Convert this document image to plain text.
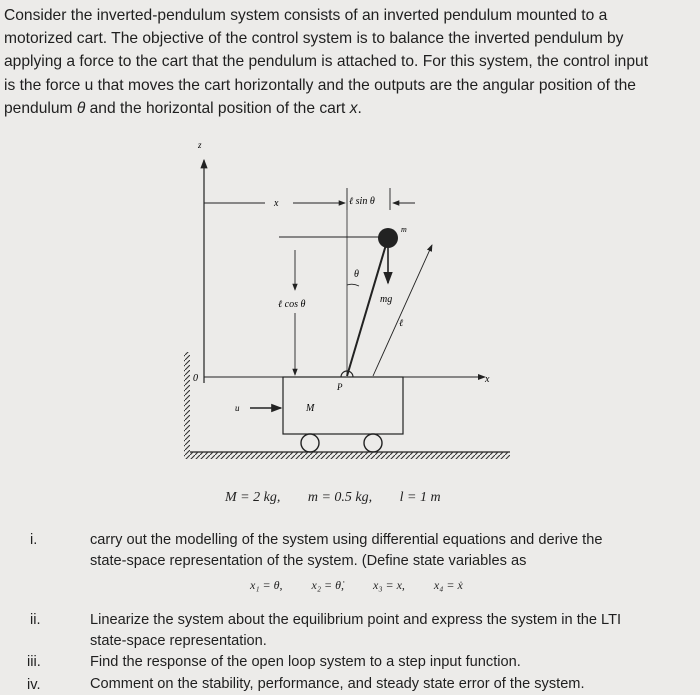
Consider the inverted-pendulum system consists of an inverted pendulum mounted to a
motorized cart. The objective of the control system is to balance the inverted pendulum by
applying a force to the cart that the pendulum is attached to. For this system, the control input
is the force u that moves the cart horizontally and the outputs are the angular position of the
pendulum θ and the horizontal position of the cart x.
z
x
0
x	ℓ sin θ
ℓ cos θ
θ
m
mg
ℓ
P
M
u
M = 2 kg, m = 0.5 kg, l = 1 m
i.	carry out the modelling of the system using differential equations and derive the
state-space representation of the system. (Define state variables as
x₁ = θ, x₂ = θ̇, x₃ = x, x₄ = ẋ
ii.	Linearize the system about the equilibrium point and express the system in the LTI
state-space representation.
iii.	Find the response of the open loop system to a step input function.
iv.	Comment on the stability, performance, and steady state error of the system.
